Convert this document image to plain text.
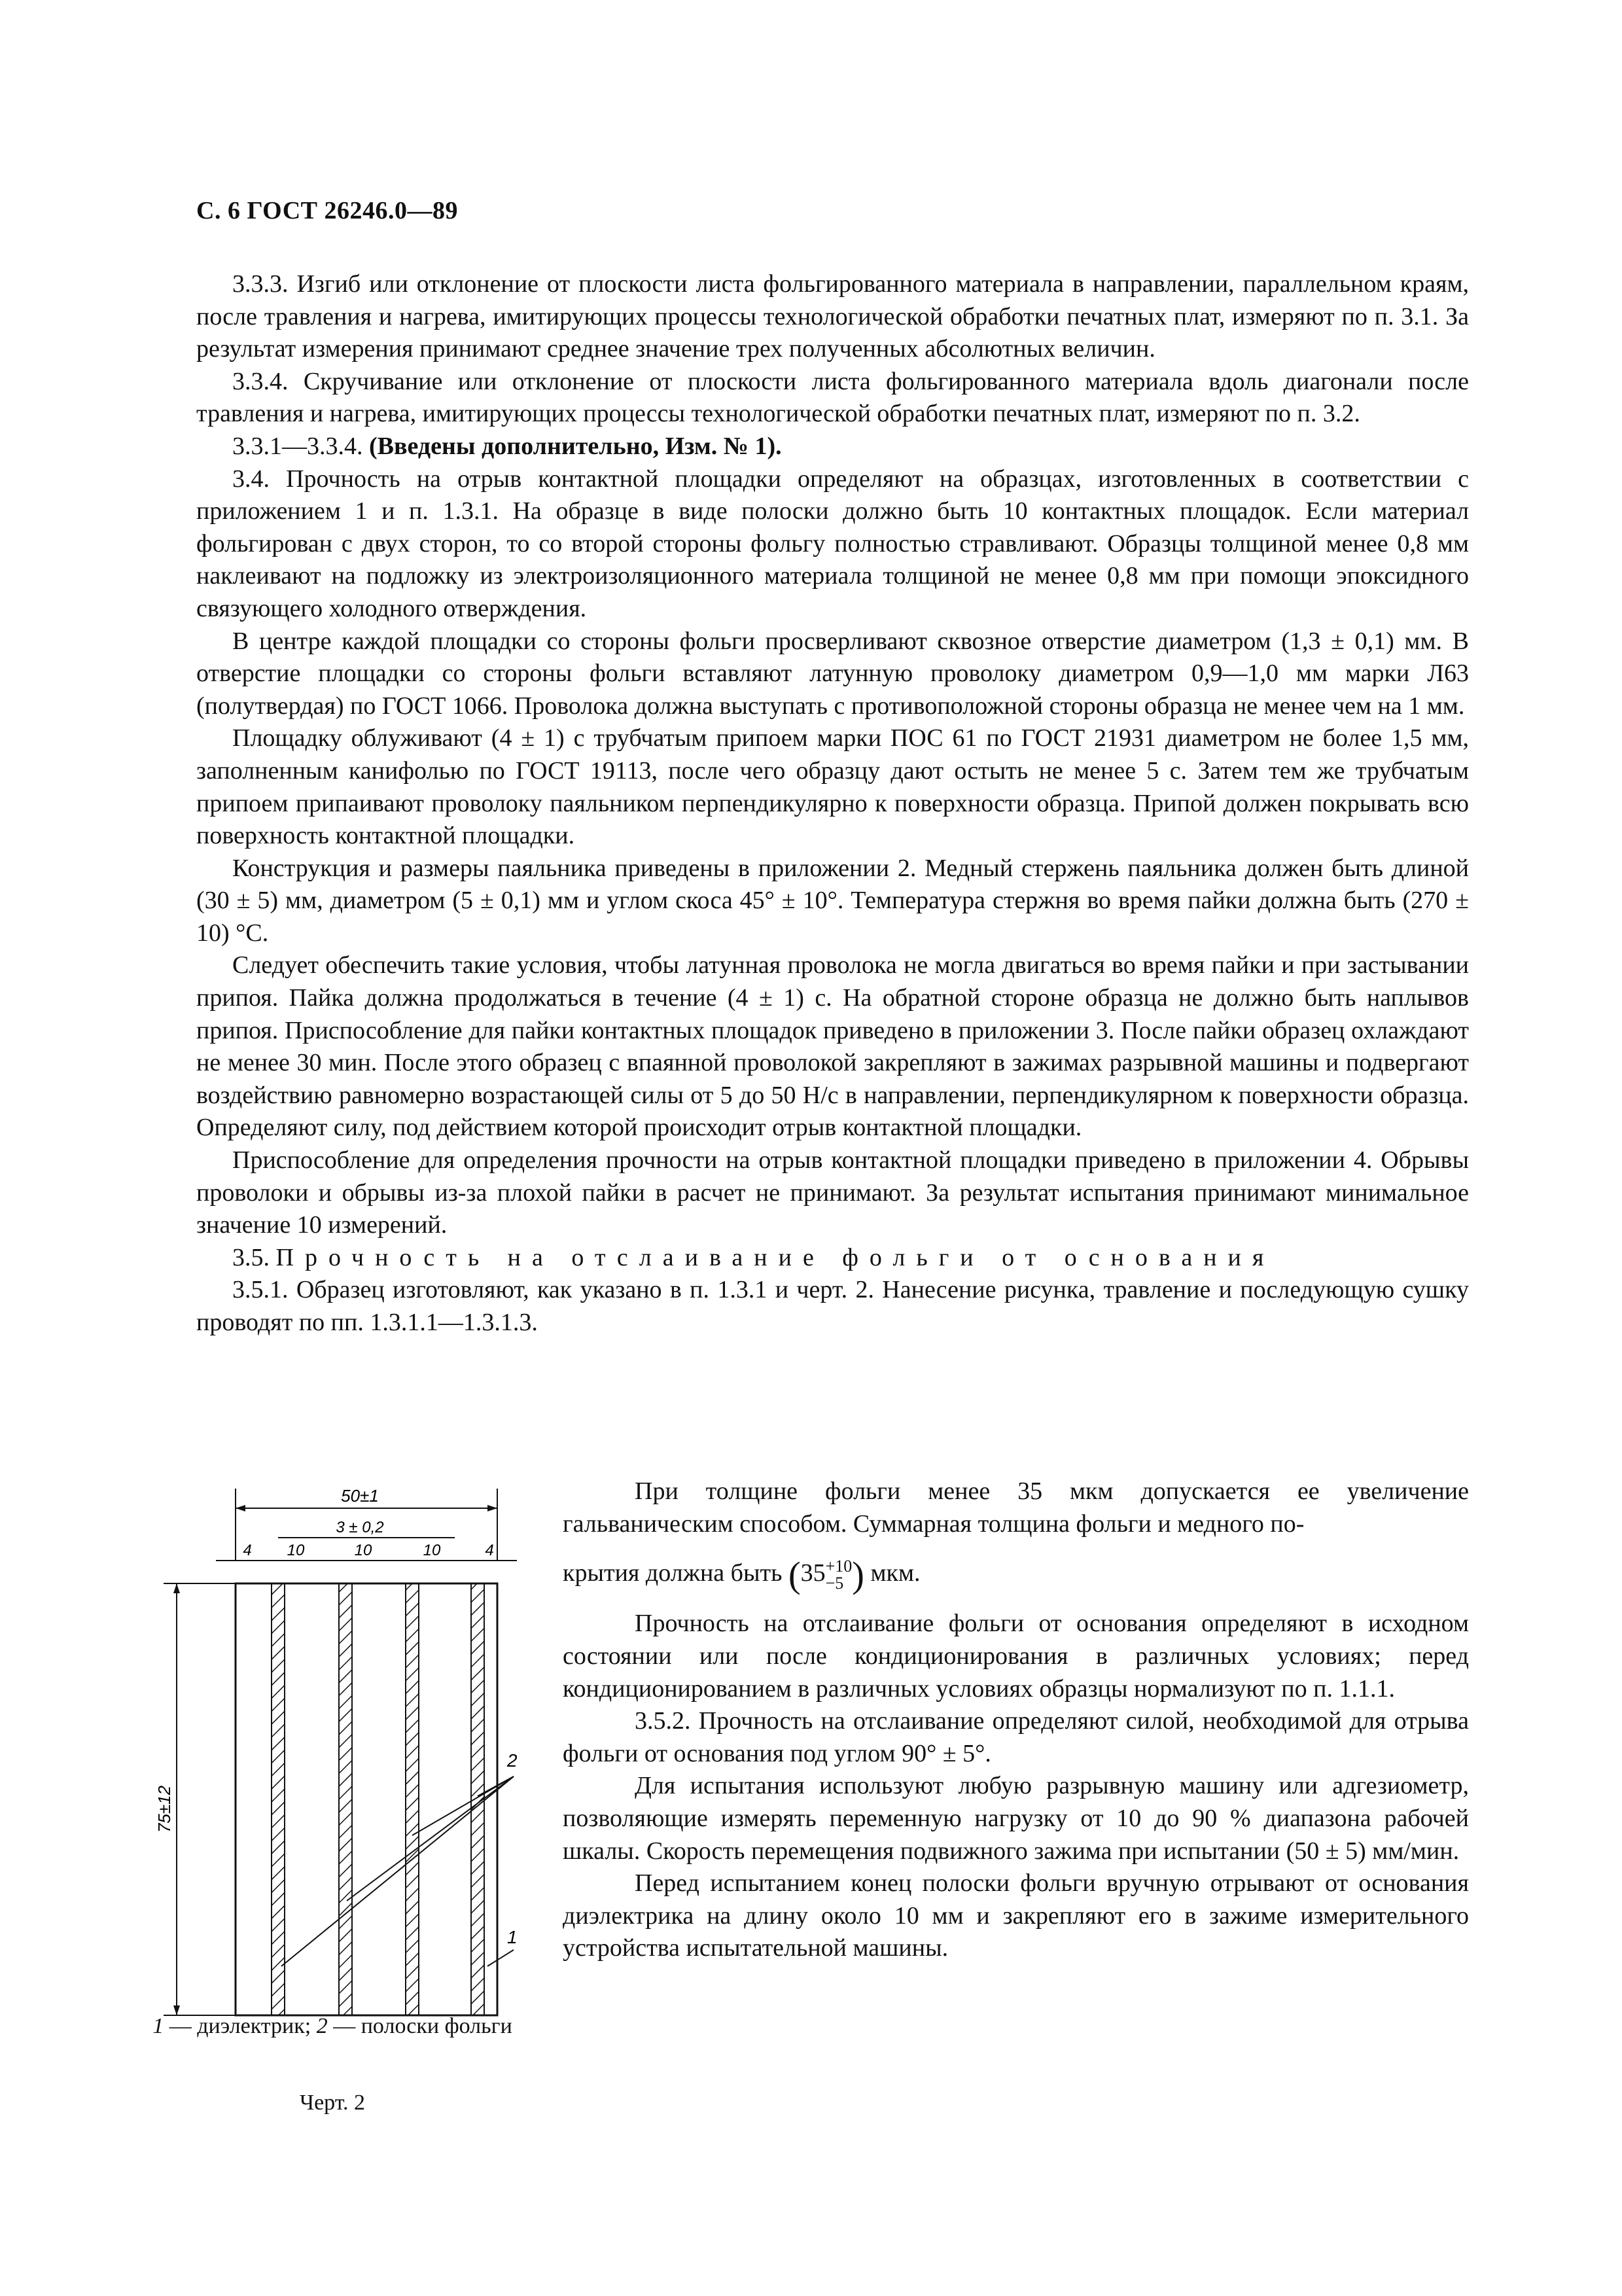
С. 6 ГОСТ 26246.0—89

3.3.3. Изгиб или отклонение от плоскости листа фольгированного материала в направлении, параллельном краям, после травления и нагрева, имитирующих процессы технологической обработки печатных плат, измеряют по п. 3.1. За результат измерения принимают среднее значение трех полученных абсолютных величин.

3.3.4. Скручивание или отклонение от плоскости листа фольгированного материала вдоль диагонали после травления и нагрева, имитирующих процессы технологической обработки печатных плат, измеряют по п. 3.2.

3.3.1—3.3.4. (Введены дополнительно, Изм. № 1).

3.4. Прочность на отрыв контактной площадки определяют на образцах, изготовленных в соответствии с приложением 1 и п. 1.3.1. На образце в виде полоски должно быть 10 контактных площадок. Если материал фольгирован с двух сторон, то со второй стороны фольгу полностью стравливают. Образцы толщиной менее 0,8 мм наклеивают на подложку из электроизоляционного материала толщиной не менее 0,8 мм при помощи эпоксидного связующего холодного отверждения.

В центре каждой площадки со стороны фольги просверливают сквозное отверстие диаметром (1,3 ± 0,1) мм. В отверстие площадки со стороны фольги вставляют латунную проволоку диаметром 0,9—1,0 мм марки Л63 (полутвердая) по ГОСТ 1066. Проволока должна выступать с противоположной стороны образца не менее чем на 1 мм.

Площадку облуживают (4 ± 1) с трубчатым припоем марки ПОС 61 по ГОСТ 21931 диаметром не более 1,5 мм, заполненным канифолью по ГОСТ 19113, после чего образцу дают остыть не менее 5 с. Затем тем же трубчатым припоем припаивают проволоку паяльником перпендикулярно к поверхности образца. Припой должен покрывать всю поверхность контактной площадки.

Конструкция и размеры паяльника приведены в приложении 2. Медный стержень паяльника должен быть длиной (30 ± 5) мм, диаметром (5 ± 0,1) мм и углом скоса 45° ± 10°. Температура стержня во время пайки должна быть (270 ± 10) °С.

Следует обеспечить такие условия, чтобы латунная проволока не могла двигаться во время пайки и при застывании припоя. Пайка должна продолжаться в течение (4 ± 1) с. На обратной стороне образца не должно быть наплывов припоя. Приспособление для пайки контактных площадок приведено в приложении 3. После пайки образец охлаждают не менее 30 мин. После этого образец с впаянной проволокой закрепляют в зажимах разрывной машины и подвергают воздействию равномерно возрастающей силы от 5 до 50 Н/с в направлении, перпендикулярном к поверхности образца. Определяют силу, под действием которой происходит отрыв контактной площадки.

Приспособление для определения прочности на отрыв контактной площадки приведено в приложении 4. Обрывы проволоки и обрывы из-за плохой пайки в расчет не принимают. За результат испытания принимают минимальное значение 10 измерений.

3.5. Прочность на отслаивание фольги от основания

3.5.1. Образец изготовляют, как указано в п. 1.3.1 и черт. 2. Нанесение рисунка, травление и последующую сушку проводят по пп. 1.3.1.1—1.3.1.3.

50±1
3 ± 0,2
4 10	10	10	4
75±12
2
1
1 — диэлектрик; 2 — полоски фольги
Черт. 2

При толщине фольги менее 35 мкм допускается ее увеличение гальваническим способом. Суммарная толщина фольги и медного по-

крытия должна быть (35+10
−5 ) мкм.

Прочность на отслаивание фольги от основания определяют в исходном состоянии или после кондиционирования в различных условиях; перед кондиционированием в различных условиях образцы нормализуют по п. 1.1.1.

3.5.2. Прочность на отслаивание определяют силой, необходимой для отрыва фольги от основания под углом 90° ± 5°.

Для испытания используют любую разрывную машину или адгезиометр, позволяющие измерять переменную нагрузку от 10 до 90 % диапазона рабочей шкалы. Скорость перемещения подвижного зажима при испытании (50 ± 5) мм/мин.

Перед испытанием конец полоски фольги вручную отрывают от основания диэлектрика на длину около 10 мм и закрепляют его в зажиме измерительного устройства испытательной машины.
